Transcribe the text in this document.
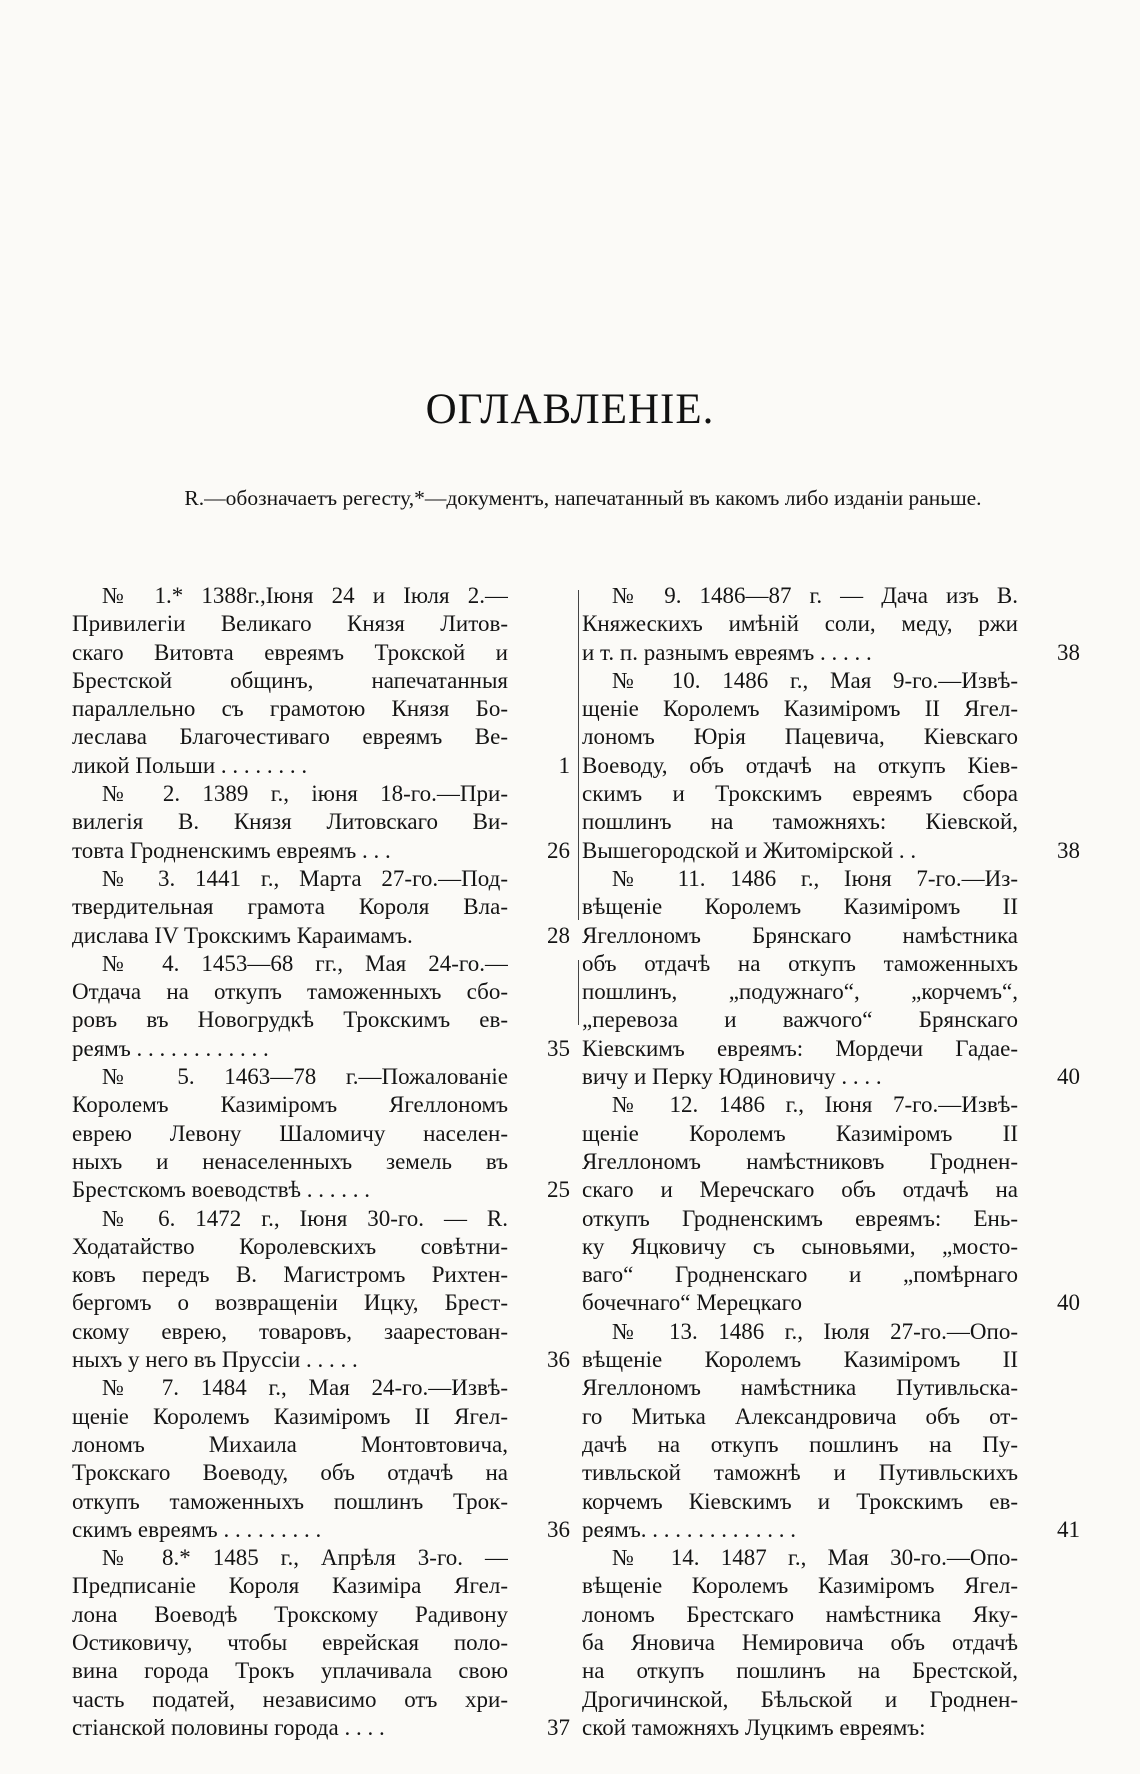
ОГЛАВЛЕНІЕ.
R.—обозначаетъ регесту,*—документъ, напечатанный въ какомъ либо изданіи раньше.
№ 1.* 1388г.,Іюня 24 и Іюля 2.—
Привилегіи Великаго Князя Литов-
скаго Витовта евреямъ Трокской и
Брестской общинъ, напечатанныя
параллельно съ грамотою Князя Бо-
леслава Благочестиваго евреямъ Ве-
ликой Польши . . . . . . . .	1
№ 2. 1389 г., іюня 18-го.—При-
вилегія В. Князя Литовскаго Ви-
товта Гродненскимъ евреямъ . . .	26
№ 3. 1441 г., Марта 27-го.—Под-
твердительная грамота Короля Вла-
дислава IV Трокскимъ Караимамъ.	28
№ 4. 1453—68 гг., Мая 24-го.—
Отдача на откупъ таможенныхъ сбо-
ровъ въ Новогрудкѣ Трокскимъ ев-
реямъ . . . . . . . . . . . .	35
№ 5. 1463—78 г.—Пожалованіе
Королемъ Казиміромъ Ягеллономъ
еврею Левону Шаломичу населен-
ныхъ и ненаселенныхъ земель въ
Брестскомъ воеводствѣ . . . . . .	25
№ 6. 1472 г., Іюня 30-го. — R.
Ходатайство Королевскихъ совѣтни-
ковъ передъ В. Магистромъ Рихтен-
бергомъ о возвращеніи Ицку, Брест-
скому еврею, товаровъ, заарестован-
ныхъ у него въ Пруссіи . . . . .	36
№ 7. 1484 г., Мая 24-го.—Извѣ-
щеніе Королемъ Казиміромъ II Ягел-
лономъ Михаила Монтовтовича,
Трокскаго Воеводу, объ отдачѣ на
откупъ таможенныхъ пошлинъ Трок-
скимъ евреямъ . . . . . . . . .	36
№ 8.* 1485 г., Апрѣля 3-го. —
Предписаніе Короля Казиміра Ягел-
лона Воеводѣ Трокскому Радивону
Остиковичу, чтобы еврейская поло-
вина города Трокъ уплачивала свою
часть податей, независимо отъ хри-
стіанской половины города . . . .	37
№ 9. 1486—87 г. — Дача изъ В.
Княжескихъ имѣній соли, меду, ржи
и т. п. разнымъ евреямъ . . . . .	38
№ 10. 1486 г., Мая 9-го.—Извѣ-
щеніе Королемъ Казиміромъ II Ягел-
лономъ Юрія Пацевича, Кіевскаго
Воеводу, объ отдачѣ на откупъ Кіев-
скимъ и Трокскимъ евреямъ сбора
пошлинъ на таможняхъ: Кіевской,
Вышегородской и Житомірской . .	38
№ 11. 1486 г., Іюня 7-го.—Из-
вѣщеніе Королемъ Казиміромъ II
Ягеллономъ Брянскаго намѣстника
объ отдачѣ на откупъ таможенныхъ
пошлинъ, „подужнаго“, „корчемъ“,
„перевоза и важчого“ Брянскаго
Кіевскимъ евреямъ: Мордечи Гадае-
вичу и Перку Юдиновичу . . . .	40
№ 12. 1486 г., Іюня 7-го.—Извѣ-
щеніе Королемъ Казиміромъ II
Ягеллономъ намѣстниковъ Гроднен-
скаго и Меречскаго объ отдачѣ на
откупъ Гродненскимъ евреямъ: Ень-
ку Яцковичу съ сыновьями, „мосто-
ваго“ Гродненскаго и „помѣрнаго
бочечнаго“ Мерецкаго	40
№ 13. 1486 г., Іюля 27-го.—Опо-
вѣщеніе Королемъ Казиміромъ II
Ягеллономъ намѣстника Путивльска-
го Митька Александровича объ от-
дачѣ на откупъ пошлинъ на Пу-
тивльской таможнѣ и Путивльскихъ
корчемъ Кіевскимъ и Трокскимъ ев-
реямъ. . . . . . . . . . . . . .	41
№ 14. 1487 г., Мая 30-го.—Опо-
вѣщеніе Королемъ Казиміромъ Ягел-
лономъ Брестскаго намѣстника Яку-
ба Яновича Немировича объ отдачѣ
на откупъ пошлинъ на Брестской,
Дрогичинской, Бѣльской и Гроднен-
ской таможняхъ Луцкимъ евреямъ:
